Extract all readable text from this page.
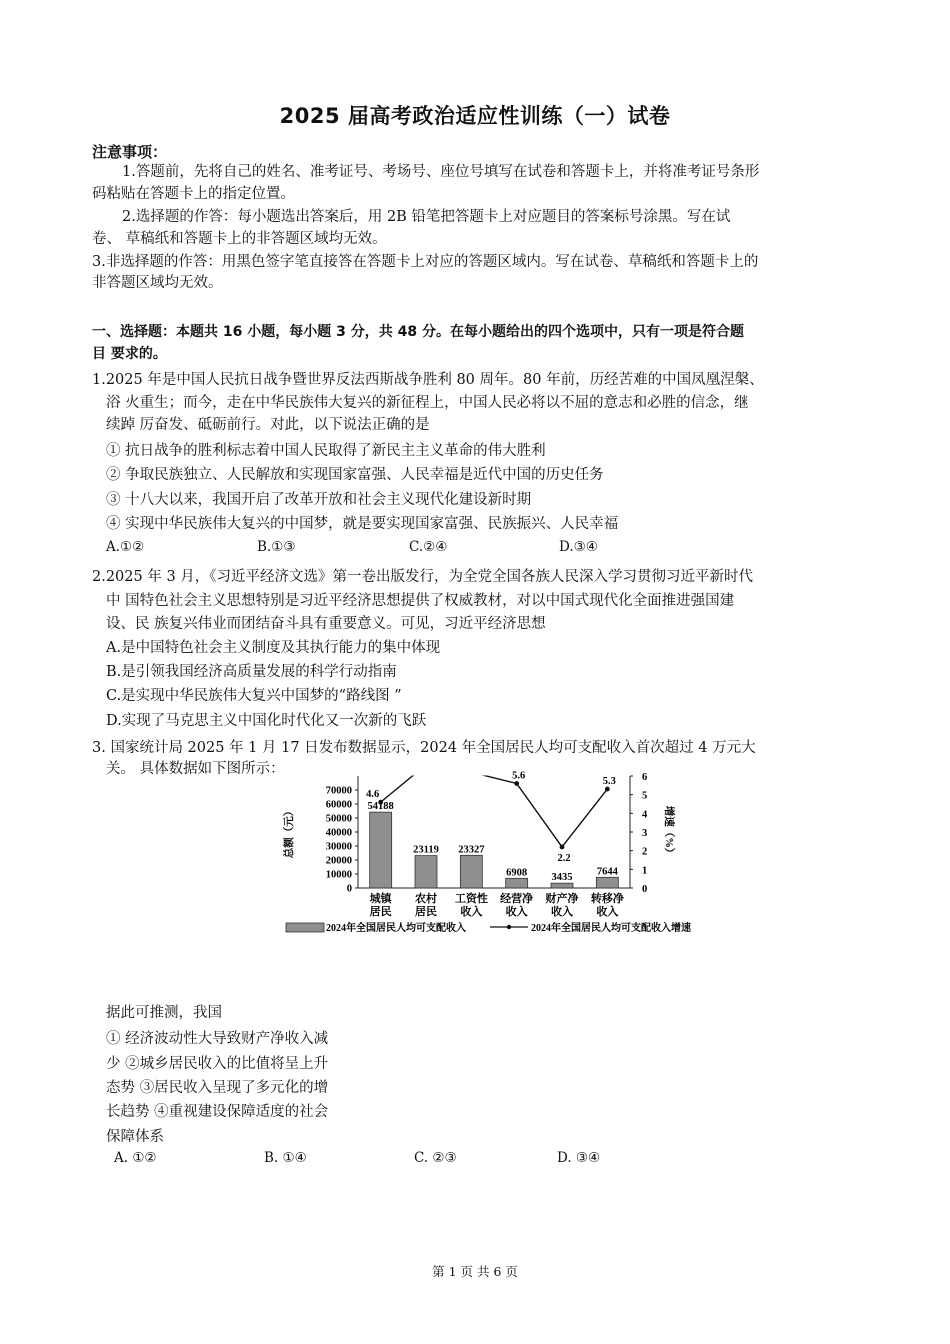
2025 届高考政治适应性训练（一）试卷
注意事项：
1.答题前，先将自己的姓名、准考证号、考场号、座位号填写在试卷和答题卡上，并将准考证号条形
码粘贴在答题卡上的指定位置。
2.选择题的作答：每小题选出答案后，用 2B 铅笔把答题卡上对应题目的答案标号涂黑。写在试
卷、 草稿纸和答题卡上的非答题区域均无效。
3.非选择题的作答：用黑色签字笔直接答在答题卡上对应的答题区域内。写在试卷、草稿纸和答题卡上的
非答题区域均无效。
一、选择题：本题共 16 小题，每小题 3 分，共 48 分。在每小题给出的四个选项中，只有一项是符合题
目 要求的。
1.2025 年是中国人民抗日战争暨世界反法西斯战争胜利 80 周年。80 年前，历经苦难的中国凤凰涅槃、
浴 火重生；而今，走在中华民族伟大复兴的新征程上，中国人民必将以不屈的意志和必胜的信念，继
续踔 厉奋发、砥砺前行。对此，以下说法正确的是
① 抗日战争的胜利标志着中国人民取得了新民主主义革命的伟大胜利
② 争取民族独立、人民解放和实现国家富强、人民幸福是近代中国的历史任务
③ 十八大以来，我国开启了改革开放和社会主义现代化建设新时期
④ 实现中华民族伟大复兴的中国梦，就是要实现国家富强、民族振兴、人民幸福
A.①②	B.①③	C.②④	D.③④
2.2025 年 3 月，《习近平经济文选》第一卷出版发行，为全党全国各族人民深入学习贯彻习近平新时代
中 国特色社会主义思想特别是习近平经济思想提供了权威教材，对以中国式现代化全面推进强国建
设、民 族复兴伟业而团结奋斗具有重要意义。可见，习近平经济思想
A.是中国特色社会主义制度及其执行能力的集中体现
B.是引领我国经济高质量发展的科学行动指南
C.是实现中华民族伟大复兴中国梦的“路线图 ”
D.实现了马克思主义中国化时代化又一次新的飞跃
3. 国家统计局 2025 年 1 月 17 日发布数据显示，2024 年全国居民人均可支配收入首次超过 4 万元大
关。 具体数据如下图所示：
0
10000
20000
30000
40000
50000
60000
70000
0
1
2
3
4
5
6
总额（元）	增速（%）
54188
23119 23327
6908 3435
7644
城镇
居民
农村
居民
工资性
收入
经营净
收入
财产净
收入
转移净
收入
4.6
5.6
2.2
5.3
2024年全国居民人均可支配收入	2024年全国居民人均可支配收入增速
据此可推测，我国
① 经济波动性大导致财产净收入减
少 ②城乡居民收入的比值将呈上升
态势 ③居民收入呈现了多元化的增
长趋势 ④重视建设保障适度的社会
保障体系
A. ①②	B. ①④	C. ②③	D. ③④
第 1 页 共 6 页
